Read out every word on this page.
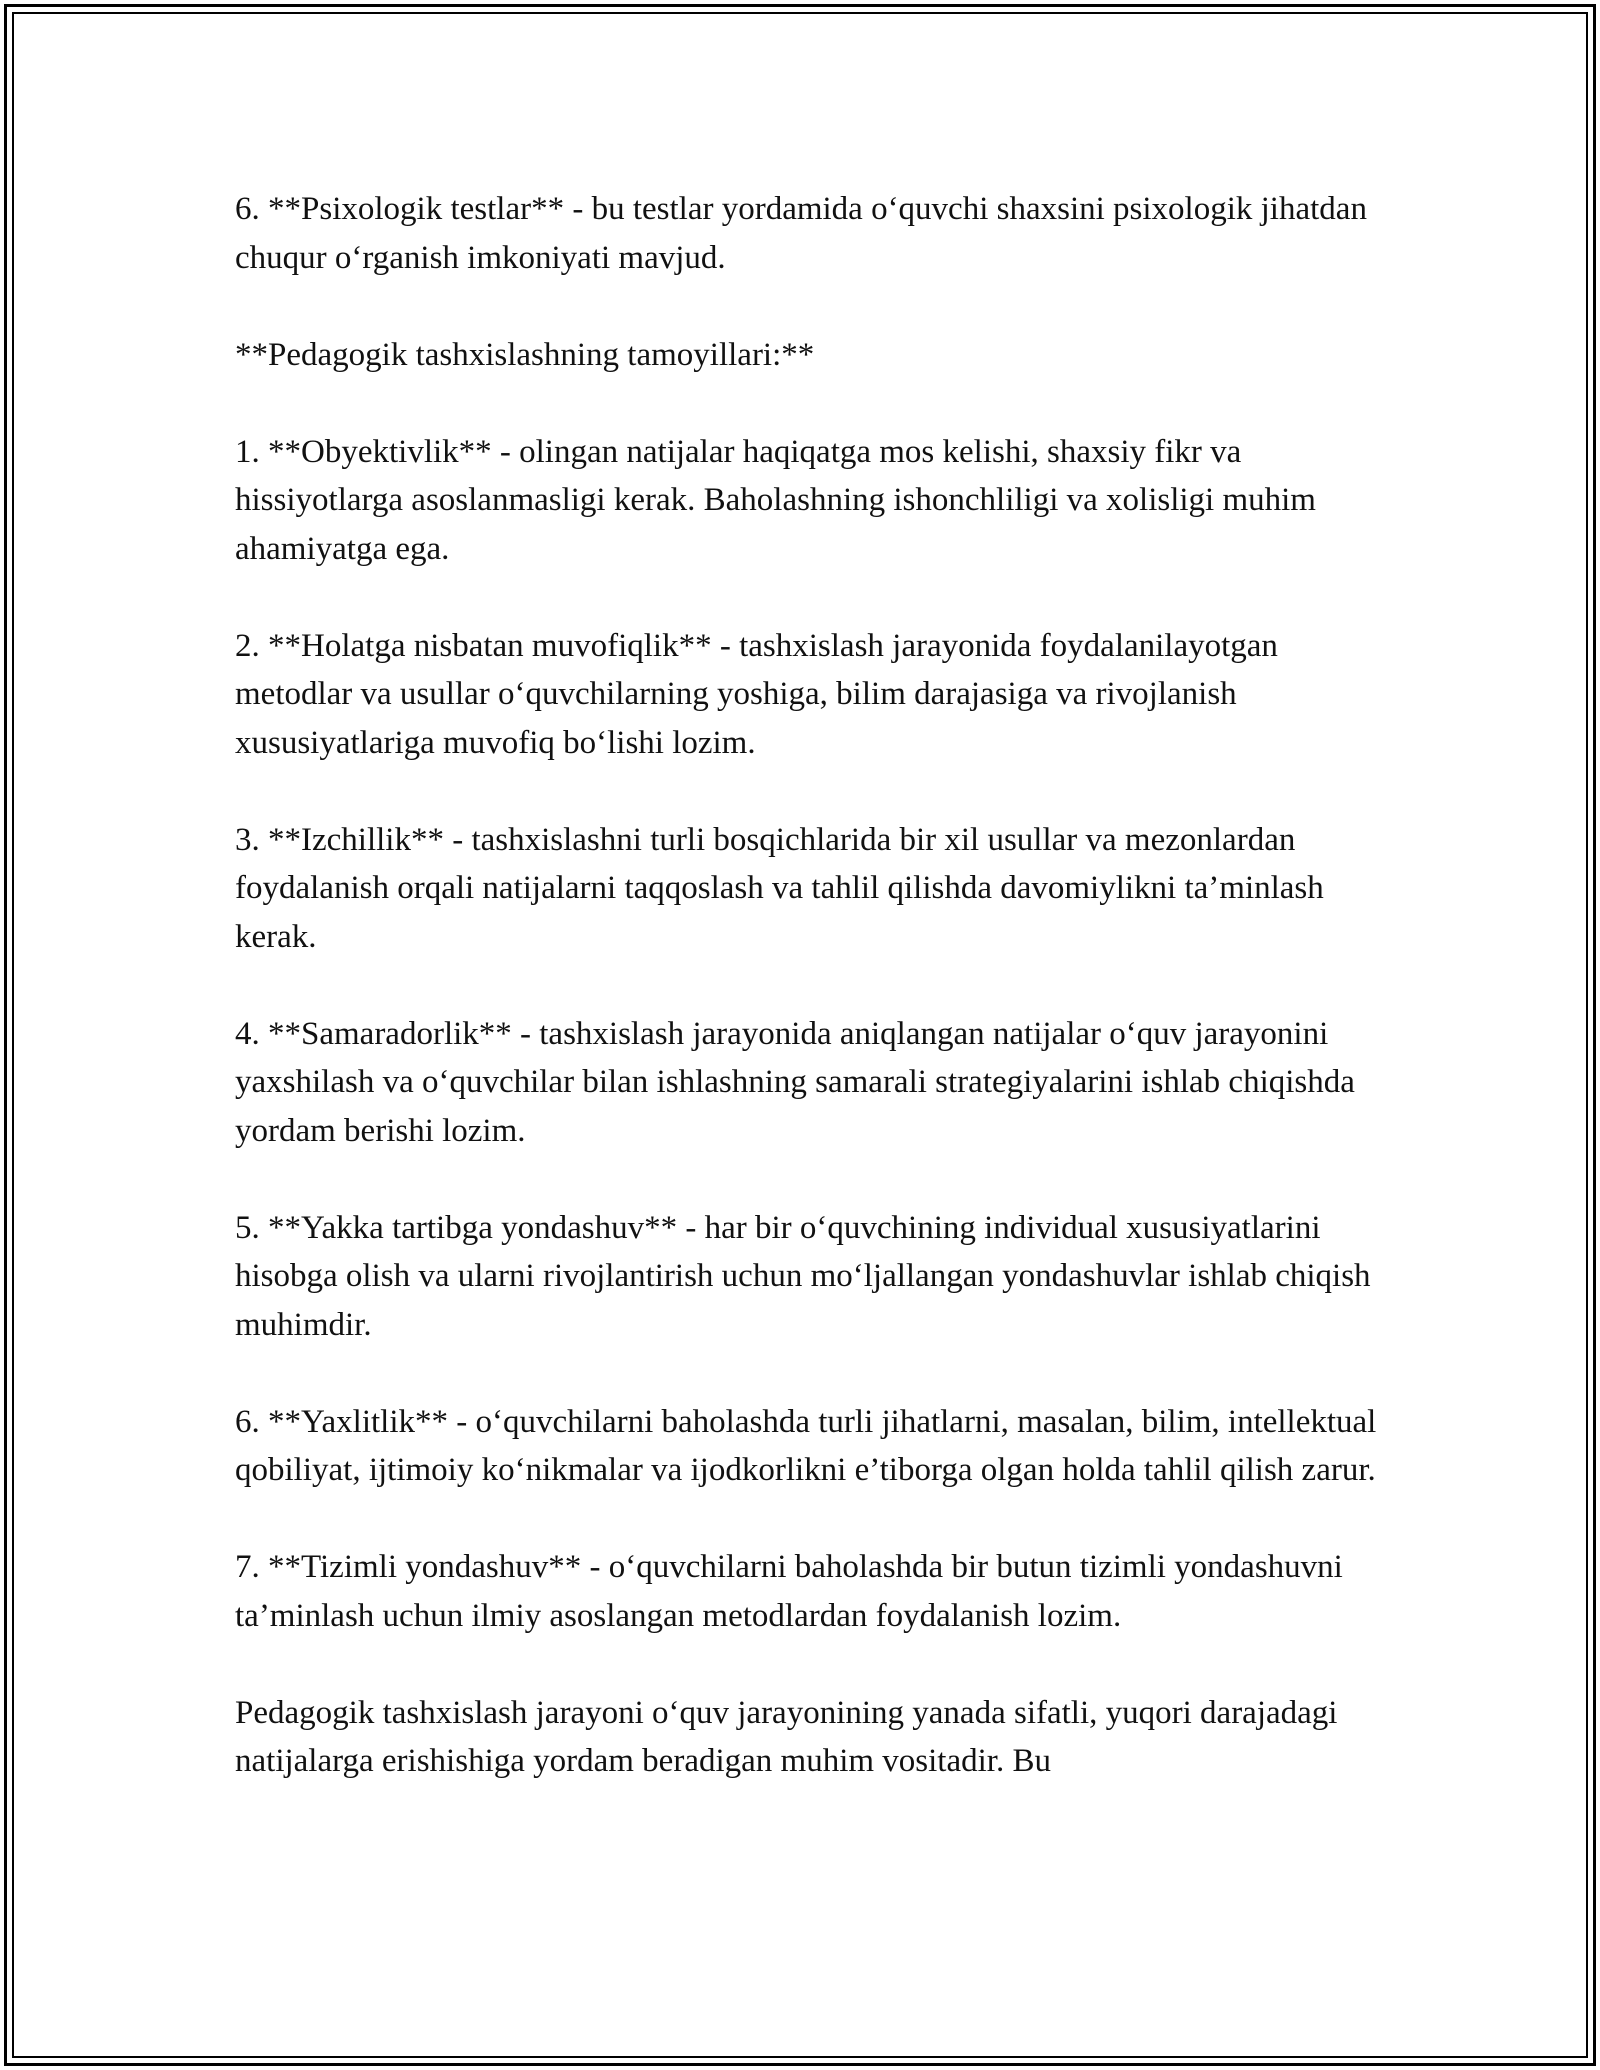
6. **Psixologik testlar** - bu testlar yordamida o‘quvchi shaxsini psixologik jihatdan chuqur o‘rganish imkoniyati mavjud.

**Pedagogik tashxislashning tamoyillari:**

1. **Obyektivlik** - olingan natijalar haqiqatga mos kelishi, shaxsiy fikr va hissiyotlarga asoslanmasligi kerak. Baholashning ishonchliligi va xolisligi muhim ahamiyatga ega.

2. **Holatga nisbatan muvofiqlik** - tashxislash jarayonida foydalanilayotgan metodlar va usullar o‘quvchilarning yoshiga, bilim darajasiga va rivojlanish xususiyatlariga muvofiq bo‘lishi lozim.

3. **Izchillik** - tashxislashni turli bosqichlarida bir xil usullar va mezonlardan foydalanish orqali natijalarni taqqoslash va tahlil qilishda davomiylikni ta’minlash kerak.

4. **Samaradorlik** - tashxislash jarayonida aniqlangan natijalar o‘quv jarayonini yaxshilash va o‘quvchilar bilan ishlashning samarali strategiyalarini ishlab chiqishda yordam berishi lozim.

5. **Yakka tartibga yondashuv** - har bir o‘quvchining individual xususiyatlarini hisobga olish va ularni rivojlantirish uchun mo‘ljallangan yondashuvlar ishlab chiqish muhimdir.

6. **Yaxlitlik** - o‘quvchilarni baholashda turli jihatlarni, masalan, bilim, intellektual qobiliyat, ijtimoiy ko‘nikmalar va ijodkorlikni e’tiborga olgan holda tahlil qilish zarur.

7. **Tizimli yondashuv** - o‘quvchilarni baholashda bir butun tizimli yondashuvni ta’minlash uchun ilmiy asoslangan metodlardan foydalanish lozim.

Pedagogik tashxislash jarayoni o‘quv jarayonining yanada sifatli, yuqori darajadagi natijalarga erishishiga yordam beradigan muhim vositadir. Bu
